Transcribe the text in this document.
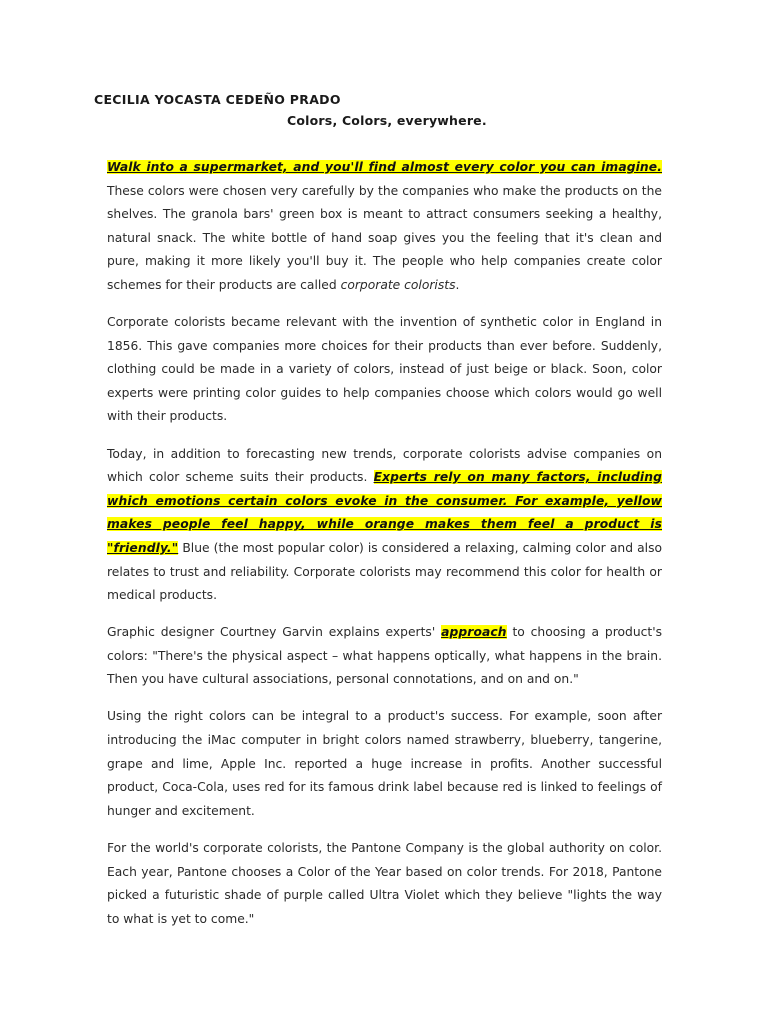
CECILIA YOCASTA CEDEÑO PRADO
Colors, Colors, everywhere.

Walk into a supermarket, and you'll find almost every color you can imagine. These colors were chosen very carefully by the companies who make the products on the shelves. The granola bars' green box is meant to attract consumers seeking a healthy, natural snack. The white bottle of hand soap gives you the feeling that it's clean and pure, making it more likely you'll buy it. The people who help companies create color schemes for their products are called corporate colorists.

Corporate colorists became relevant with the invention of synthetic color in England in 1856. This gave companies more choices for their products than ever before. Suddenly, clothing could be made in a variety of colors, instead of just beige or black. Soon, color experts were printing color guides to help companies choose which colors would go well with their products.

Today, in addition to forecasting new trends, corporate colorists advise companies on which color scheme suits their products. Experts rely on many factors, including which emotions certain colors evoke in the consumer. For example, yellow makes people feel happy, while orange makes them feel a product is "friendly." Blue (the most popular color) is considered a relaxing, calming color and also relates to trust and reliability. Corporate colorists may recommend this color for health or medical products.

Graphic designer Courtney Garvin explains experts' approach to choosing a product's colors: "There's the physical aspect – what happens optically, what happens in the brain. Then you have cultural associations, personal connotations, and on and on."

Using the right colors can be integral to a product's success. For example, soon after introducing the iMac computer in bright colors named strawberry, blueberry, tangerine, grape and lime, Apple Inc. reported a huge increase in profits. Another successful product, Coca-Cola, uses red for its famous drink label because red is linked to feelings of hunger and excitement.

For the world's corporate colorists, the Pantone Company is the global authority on color. Each year, Pantone chooses a Color of the Year based on color trends. For 2018, Pantone picked a futuristic shade of purple called Ultra Violet which they believe "lights the way to what is yet to come."
